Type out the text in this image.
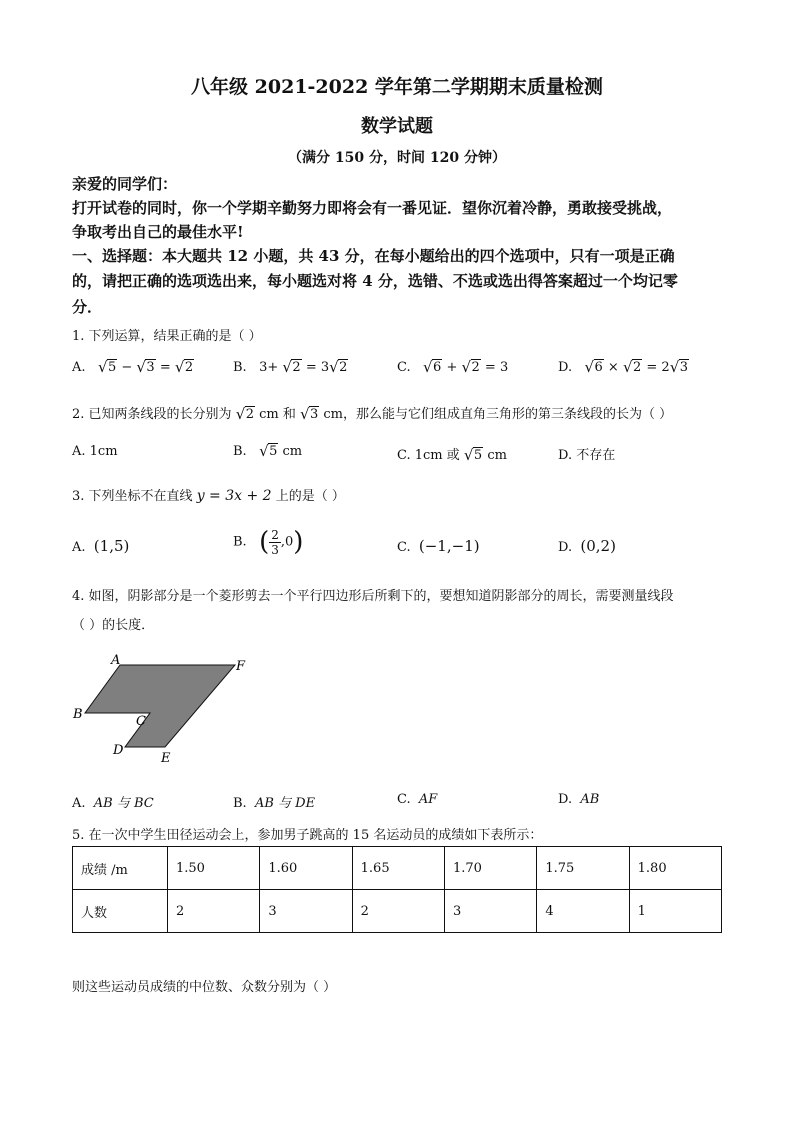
八年级 2021-2022 学年第二学期期末质量检测
数学试题
（满分 150 分，时间 120 分钟）
亲爱的同学们：
打开试卷的同时，你一个学期辛勤努力即将会有一番见证．望你沉着冷静，勇敢接受挑战，
争取考出自己的最佳水平!
一、选择题：本大题共 12 小题，共 43 分，在每小题给出的四个选项中，只有一项是正确
的，请把正确的选项选出来，每小题选对将 4 分，选错、不选或选出得答案超过一个均记零
分．
1. 下列运算，结果正确的是（ ）
A. √ 5 − √ 3 = √ 2	B. 3+ √ 2 = 3 √ 2	C. √ 6 + √ 2 = 3	D. √ 6 × √ 2 = 2 √ 3
2. 已知两条线段的长分别为 √ 2 cm 和 √ 3 cm，那么能与它们组成直角三角形的第三条线段的长为（ ）
A. 1cm	B. √ 5 cm	C. 1cm 或 √ 5 cm	D. 不存在
3. 下列坐标不在直线 y = 3x + 2 上的是（ ）
A. (1,5)	B. ( $\frac{2}{3} ,0$)	C. (−1,−1)	D. (0,2)
4. 如图，阴影部分是一个菱形剪去一个平行四边形后所剩下的，要想知道阴影部分的周长，需要测量线段
（ ）的长度．
A	F
B	C
D
E
A. AB 与 BC	B. AB 与 DE	C. AF	D. AB
5. 在一次中学生田径运动会上，参加男子跳高的 15 名运动员的成绩如下表所示：
成绩 /m	1.50	1.60	1.65	1.70	1.75	1.80
人数	2	3	2	3	4	1
则这些运动员成绩的中位数、众数分别为（ ）
